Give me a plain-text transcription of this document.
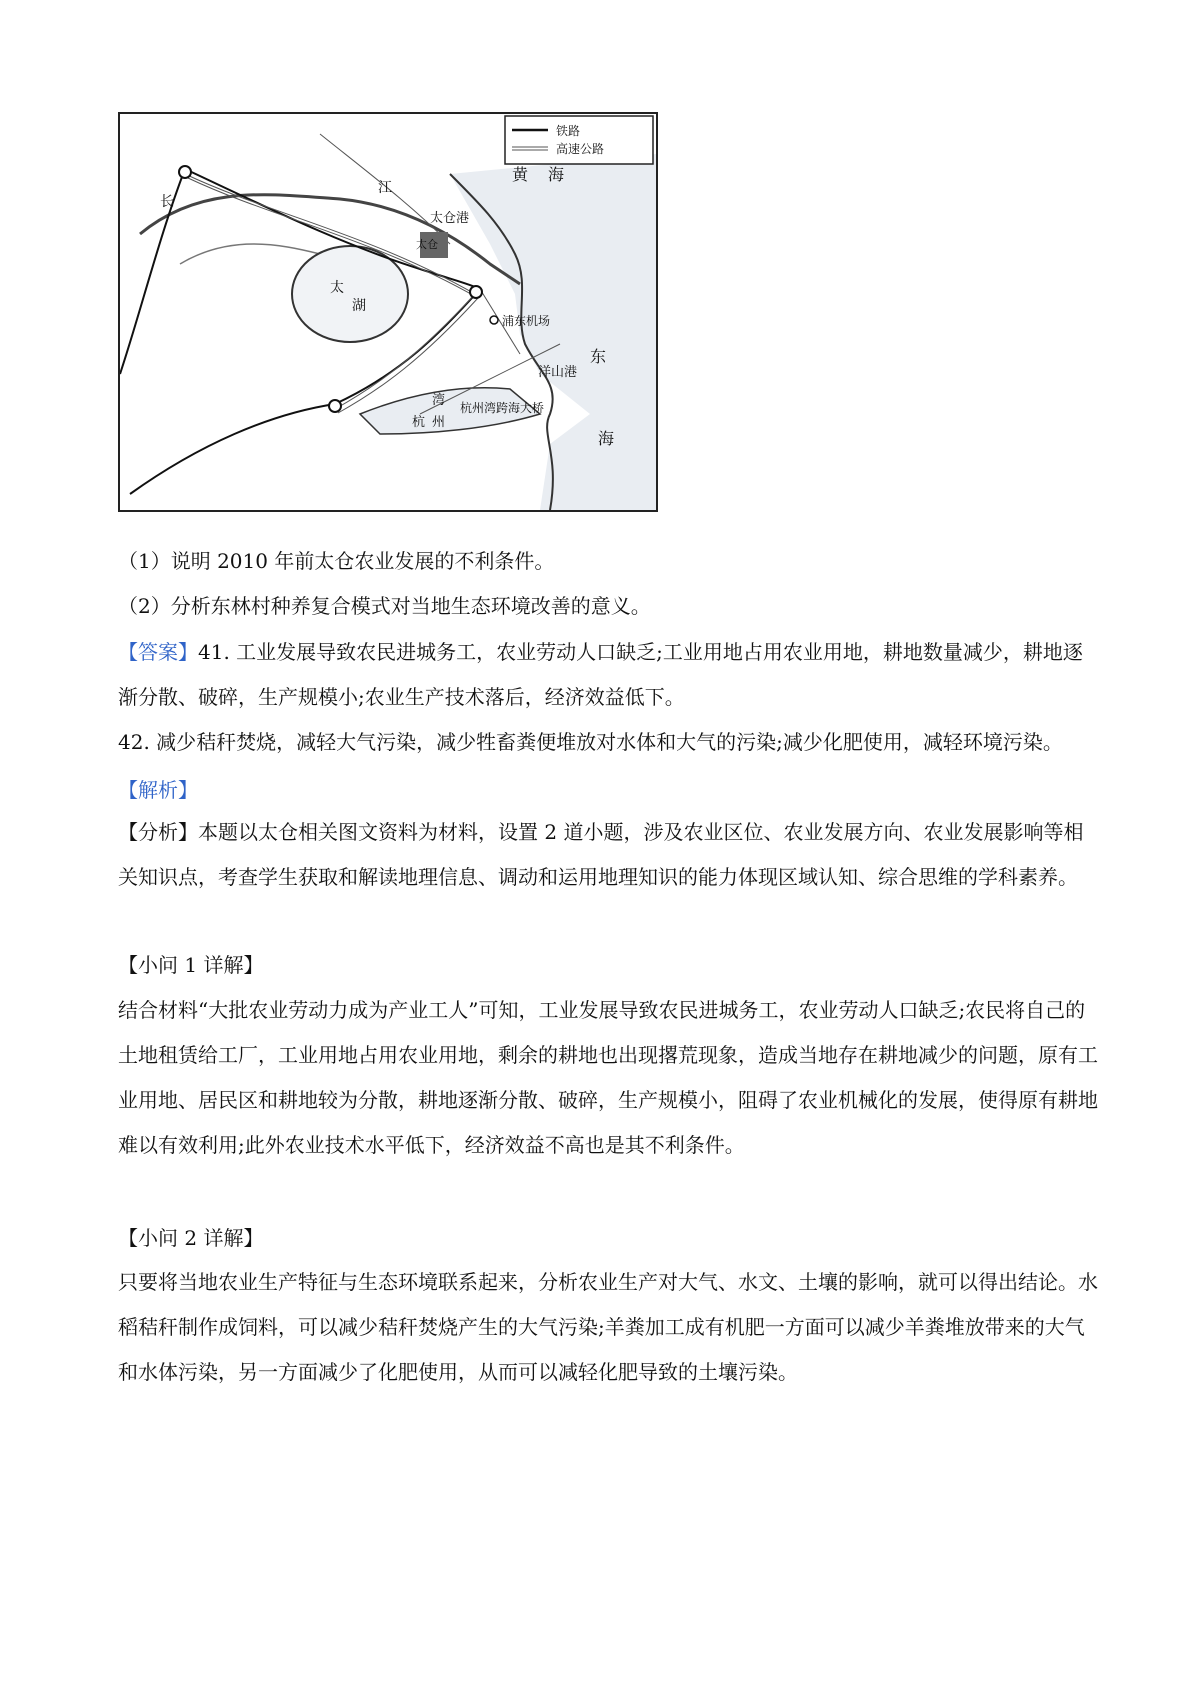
铁路
高速公路
黄 海
江
长
太仓港
太仓
太
湖
浦东机场
东
洋山港
杭州湾跨海大桥
湾
杭 州
海
（1）说明 2010 年前太仓农业发展的不利条件。
（2）分析东林村种养复合模式对当地生态环境改善的意义。
【答案】41. 工业发展导致农民进城务工，农业劳动人口缺乏;工业用地占用农业用地，耕地数量减少，耕地逐渐分散、破碎，生产规模小;农业生产技术落后，经济效益低下。
42. 减少秸秆焚烧，减轻大气污染，减少牲畜粪便堆放对水体和大气的污染;减少化肥使用，减轻环境污染。
【解析】
【分析】本题以太仓相关图文资料为材料，设置 2 道小题，涉及农业区位、农业发展方向、农业发展影响等相关知识点，考查学生获取和解读地理信息、调动和运用地理知识的能力体现区域认知、综合思维的学科素养。
【小问 1 详解】
结合材料“大批农业劳动力成为产业工人”可知，工业发展导致农民进城务工，农业劳动人口缺乏;农民将自己的土地租赁给工厂，工业用地占用农业用地，剩余的耕地也出现撂荒现象，造成当地存在耕地减少的问题，原有工业用地、居民区和耕地较为分散，耕地逐渐分散、破碎，生产规模小，阻碍了农业机械化的发展，使得原有耕地难以有效利用;此外农业技术水平低下，经济效益不高也是其不利条件。
【小问 2 详解】
只要将当地农业生产特征与生态环境联系起来，分析农业生产对大气、水文、土壤的影响，就可以得出结论。水稻秸秆制作成饲料，可以减少秸秆焚烧产生的大气污染;羊粪加工成有机肥一方面可以减少羊粪堆放带来的大气和水体污染，另一方面减少了化肥使用，从而可以减轻化肥导致的土壤污染。
